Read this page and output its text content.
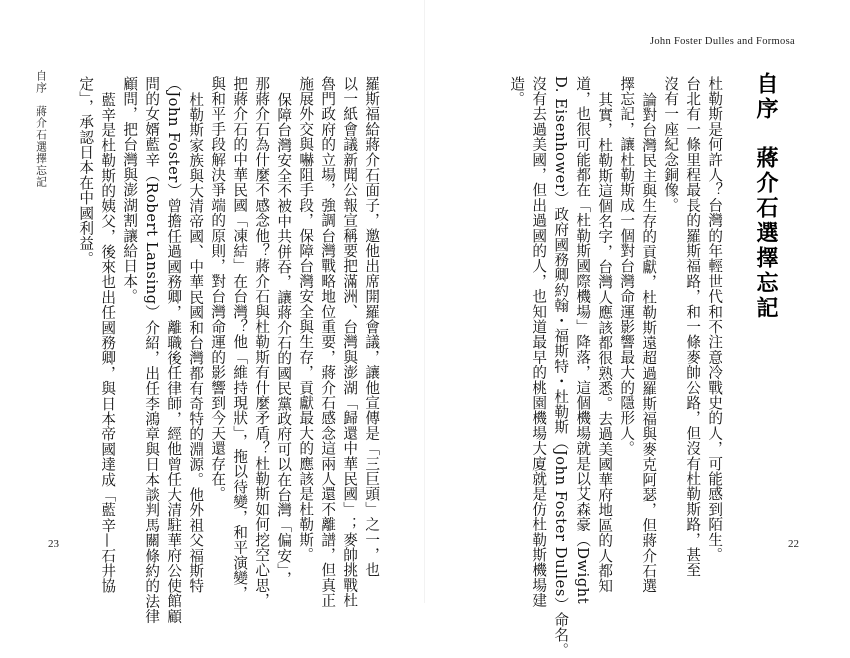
John Foster Dulles and Formosa
自序
蔣介石選擇忘記
杜勒斯是何許人？台灣的年輕世代和不注意冷戰史的人，可能感到陌生。
台北有一條里程最長的羅斯福路，和一條麥帥公路，但沒有杜勒斯路，甚至
沒有一座紀念銅像。
論對台灣民主與生存的貢獻，杜勒斯遠超過羅斯福與麥克阿瑟，但蔣介石選
擇忘記，讓杜勒斯成一個對台灣命運影響最大的隱形人。
其實，杜勒斯這個名字，台灣人應該都很熟悉。去過美國華府地區的人都知
道，也很可能都在「杜勒斯國際機場」降落，這個機場就是以艾森豪（Dwight
D. Eisenhower）政府國務卿約翰・福斯特・杜勒斯（John Foster Dulles）命名。
沒有去過美國，但出過國的人，也知道最早的桃園機場大廈就是仿杜勒斯機場建
造。
22
自序　蔣介石選擇忘記	羅斯福給蔣介石面子，邀他出席開羅會議，讓他宣傳是「三巨頭」之一，也
以一紙會議新聞公報宣稱要把滿洲、台灣與澎湖「歸還中華民國」；麥帥挑戰杜
魯門政府的立場，強調台灣戰略地位重要，蔣介石感念這兩人還不離譜，但真正
施展外交與嚇阻手段，保障台灣安全與生存，貢獻最大的應該是杜勒斯。
保障台灣安全不被中共併吞，讓蔣介石的國民黨政府可以在台灣「偏安」，
那蔣介石為什麼不感念他？蔣介石與杜勒斯有什麼矛盾？杜勒斯如何挖空心思，
把蔣介石的中華民國「凍結」在台灣？他「維持現狀」，拖以待變，和平演變，
與和平手段解決爭端的原則，對台灣命運的影響到今天還存在。
杜勒斯家族與大清帝國、中華民國和台灣都有奇特的淵源。他外祖父福斯特
（John Foster）曾擔任過國務卿，離職後任律師，經他曾任大清駐華府公使館顧
問的女婿藍辛（Robert Lansing）介紹，出任李鴻章與日本談判馬關條約的法律
顧問，把台灣與澎湖割讓給日本。
藍辛是杜勒斯的姨父，後來也出任國務卿，與日本帝國達成「藍辛—石井協
定」，承認日本在中國利益。
23
